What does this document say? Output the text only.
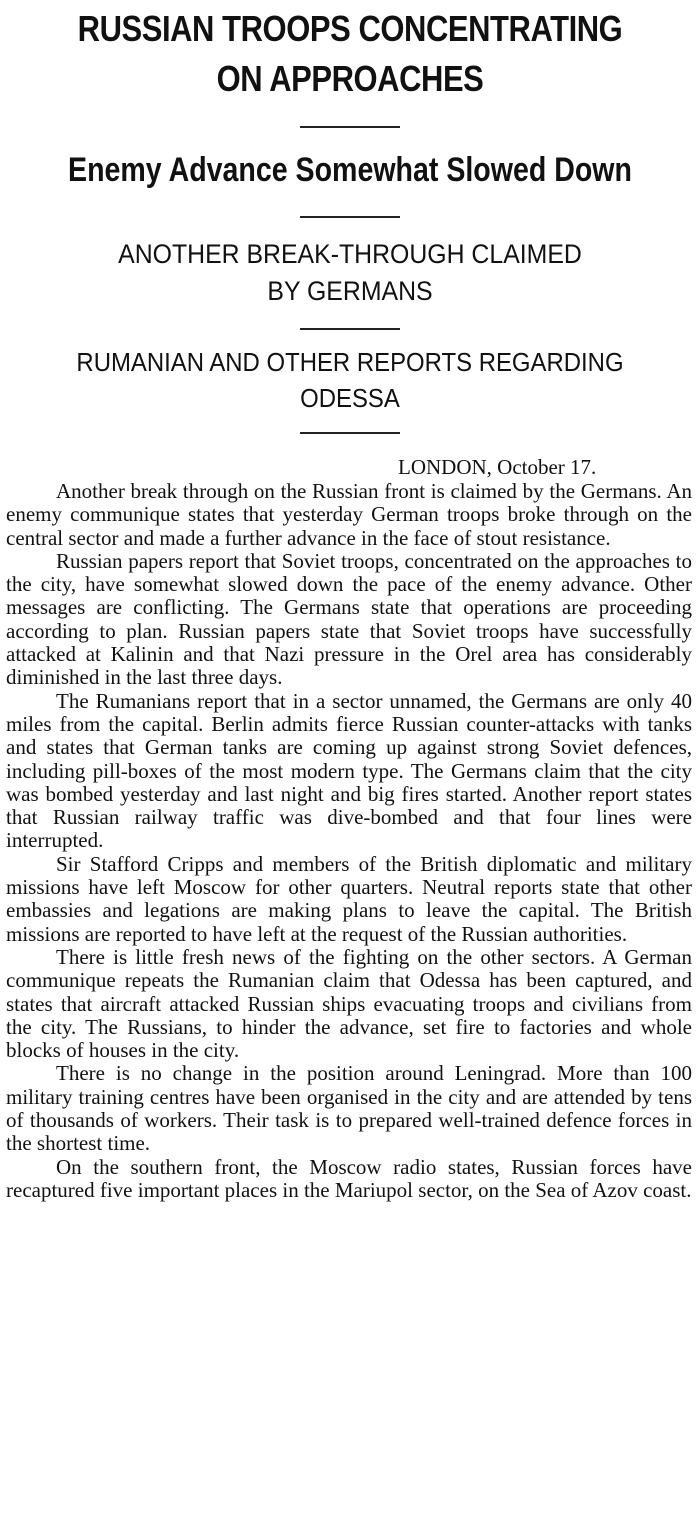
RUSSIAN TROOPS CONCENTRATING
ON APPROACHES
Enemy Advance Somewhat Slowed Down
ANOTHER BREAK-THROUGH CLAIMED
BY GERMANS
RUMANIAN AND OTHER REPORTS REGARDING
ODESSA

LONDON, October 17.

Another break through on the Russian front is claimed by the Germans. An enemy communique states that yesterday German troops broke through on the central sector and made a further advance in the face of stout resistance.

Russian papers report that Soviet troops, concentrated on the approaches to the city, have somewhat slowed down the pace of the enemy advance. Other messages are conflicting. The Germans state that operations are proceeding according to plan. Russian papers state that Soviet troops have successfully attacked at Kalinin and that Nazi pressure in the Orel area has considerably diminished in the last three days.

The Rumanians report that in a sector unnamed, the Germans are only 40 miles from the capital. Berlin admits fierce Russian counter-attacks with tanks and states that German tanks are coming up against strong Soviet defences, including pill-boxes of the most modern type. The Germans claim that the city was bombed yesterday and last night and big fires started. Another report states that Russian railway traffic was dive-bombed and that four lines were interrupted.

Sir Stafford Cripps and members of the British diplomatic and military missions have left Moscow for other quarters. Neutral reports state that other embassies and legations are making plans to leave the capital. The British missions are reported to have left at the request of the Russian authorities.

There is little fresh news of the fighting on the other sectors. A German communique repeats the Rumanian claim that Odessa has been captured, and states that aircraft attacked Russian ships evacuating troops and civilians from the city. The Russians, to hinder the advance, set fire to factories and whole blocks of houses in the city.

There is no change in the position around Leningrad. More than 100 military training centres have been organised in the city and are attended by tens of thousands of workers. Their task is to prepared well-trained defence forces in the shortest time.

On the southern front, the Moscow radio states, Russian forces have recaptured five important places in the Mariupol sector, on the Sea of Azov coast.
